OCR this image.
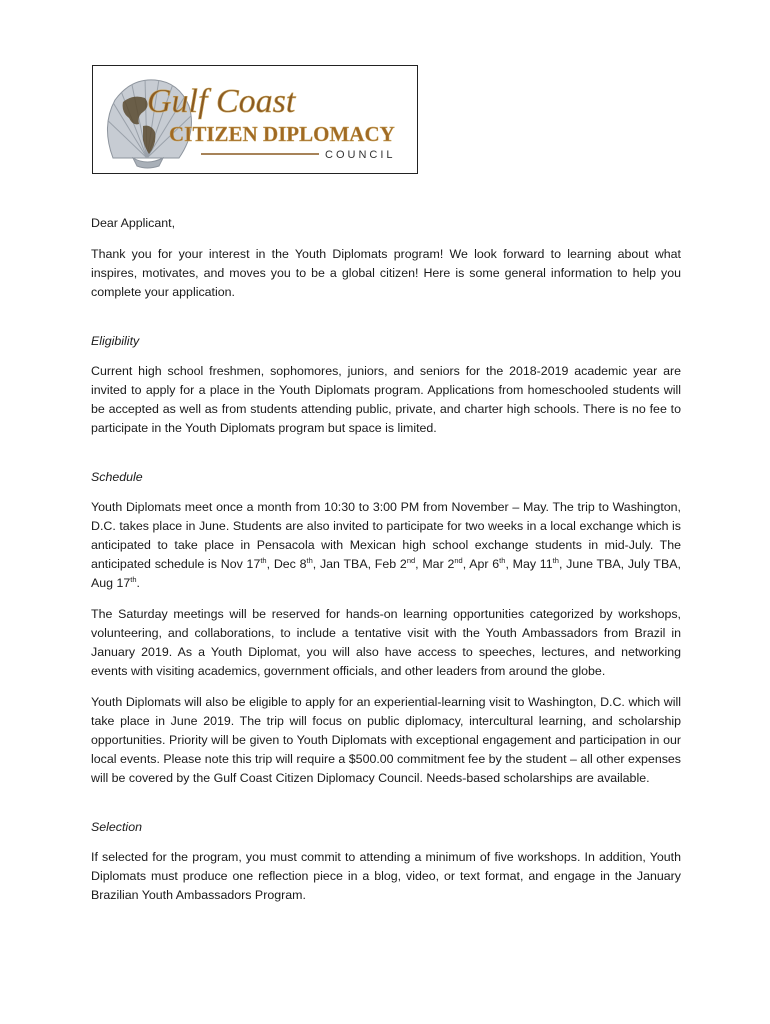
Gulf Coast
CITIZEN DIPLOMACY
COUNCIL

Dear Applicant,

Thank you for your interest in the Youth Diplomats program! We look forward to learning about what inspires, motivates, and moves you to be a global citizen! Here is some general information to help you complete your application.

Eligibility

Current high school freshmen, sophomores, juniors, and seniors for the 2018-2019 academic year are invited to apply for a place in the Youth Diplomats program. Applications from homeschooled students will be accepted as well as from students attending public, private, and charter high schools. There is no fee to participate in the Youth Diplomats program but space is limited.

Schedule

Youth Diplomats meet once a month from 10:30 to 3:00 PM from November – May. The trip to Washington, D.C. takes place in June. Students are also invited to participate for two weeks in a local exchange which is anticipated to take place in Pensacola with Mexican high school exchange students in mid-July. The anticipated schedule is Nov 17th, Dec 8th, Jan TBA, Feb 2nd, Mar 2nd, Apr 6th, May 11th, June TBA, July TBA, Aug 17th.

The Saturday meetings will be reserved for hands-on learning opportunities categorized by workshops, volunteering, and collaborations, to include a tentative visit with the Youth Ambassadors from Brazil in January 2019. As a Youth Diplomat, you will also have access to speeches, lectures, and networking events with visiting academics, government officials, and other leaders from around the globe.

Youth Diplomats will also be eligible to apply for an experiential-learning visit to Washington, D.C. which will take place in June 2019. The trip will focus on public diplomacy, intercultural learning, and scholarship opportunities. Priority will be given to Youth Diplomats with exceptional engagement and participation in our local events. Please note this trip will require a $500.00 commitment fee by the student – all other expenses will be covered by the Gulf Coast Citizen Diplomacy Council. Needs-based scholarships are available.

Selection

If selected for the program, you must commit to attending a minimum of five workshops. In addition, Youth Diplomats must produce one reflection piece in a blog, video, or text format, and engage in the January Brazilian Youth Ambassadors Program.
